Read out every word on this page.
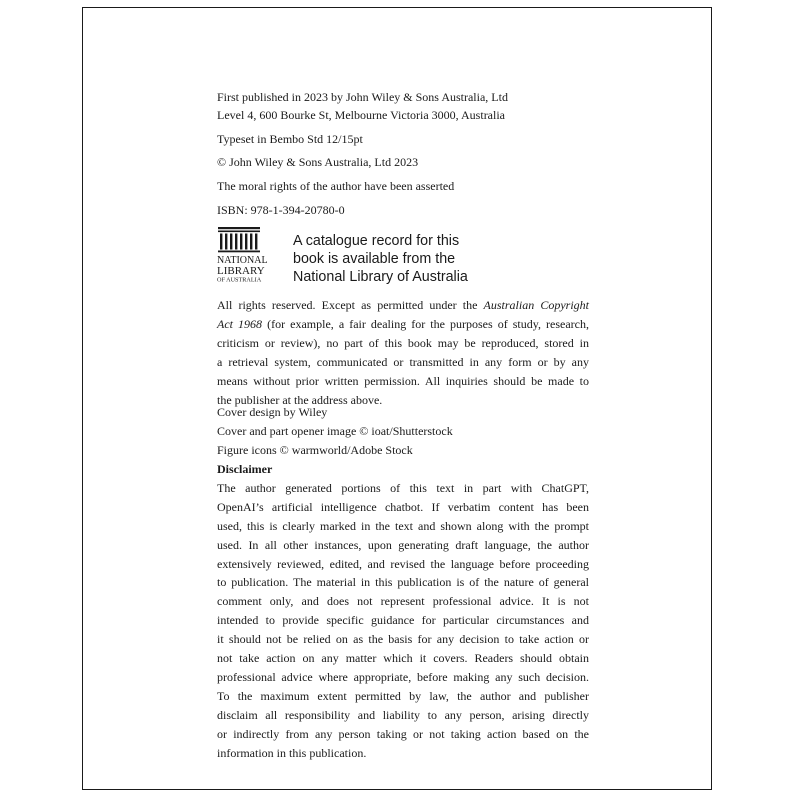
First published in 2023 by John Wiley & Sons Australia, Ltd
Level 4, 600 Bourke St, Melbourne Victoria 3000, Australia
Typeset in Bembo Std 12/15pt
© John Wiley & Sons Australia, Ltd 2023
The moral rights of the author have been asserted
ISBN: 978-1-394-20780-0
NATIONAL
LIBRARY
OF AUSTRALIA
A catalogue record for this
book is available from the
National Library of Australia
All rights reserved. Except as permitted under the Australian Copyright
Act 1968 (for example, a fair dealing for the purposes of study, research,
criticism or review), no part of this book may be reproduced, stored in
a retrieval system, communicated or transmitted in any form or by any
means without prior written permission. All inquiries should be made to
the publisher at the address above.
Cover design by Wiley
Cover and part opener image © ioat/Shutterstock
Figure icons © warmworld/Adobe Stock
Disclaimer
The author generated portions of this text in part with ChatGPT,
OpenAI’s artificial intelligence chatbot. If verbatim content has been
used, this is clearly marked in the text and shown along with the prompt
used. In all other instances, upon generating draft language, the author
extensively reviewed, edited, and revised the language before proceeding
to publication. The material in this publication is of the nature of general
comment only, and does not represent professional advice. It is not
intended to provide specific guidance for particular circumstances and
it should not be relied on as the basis for any decision to take action or
not take action on any matter which it covers. Readers should obtain
professional advice where appropriate, before making any such decision.
To the maximum extent permitted by law, the author and publisher
disclaim all responsibility and liability to any person, arising directly
or indirectly from any person taking or not taking action based on the
information in this publication.
